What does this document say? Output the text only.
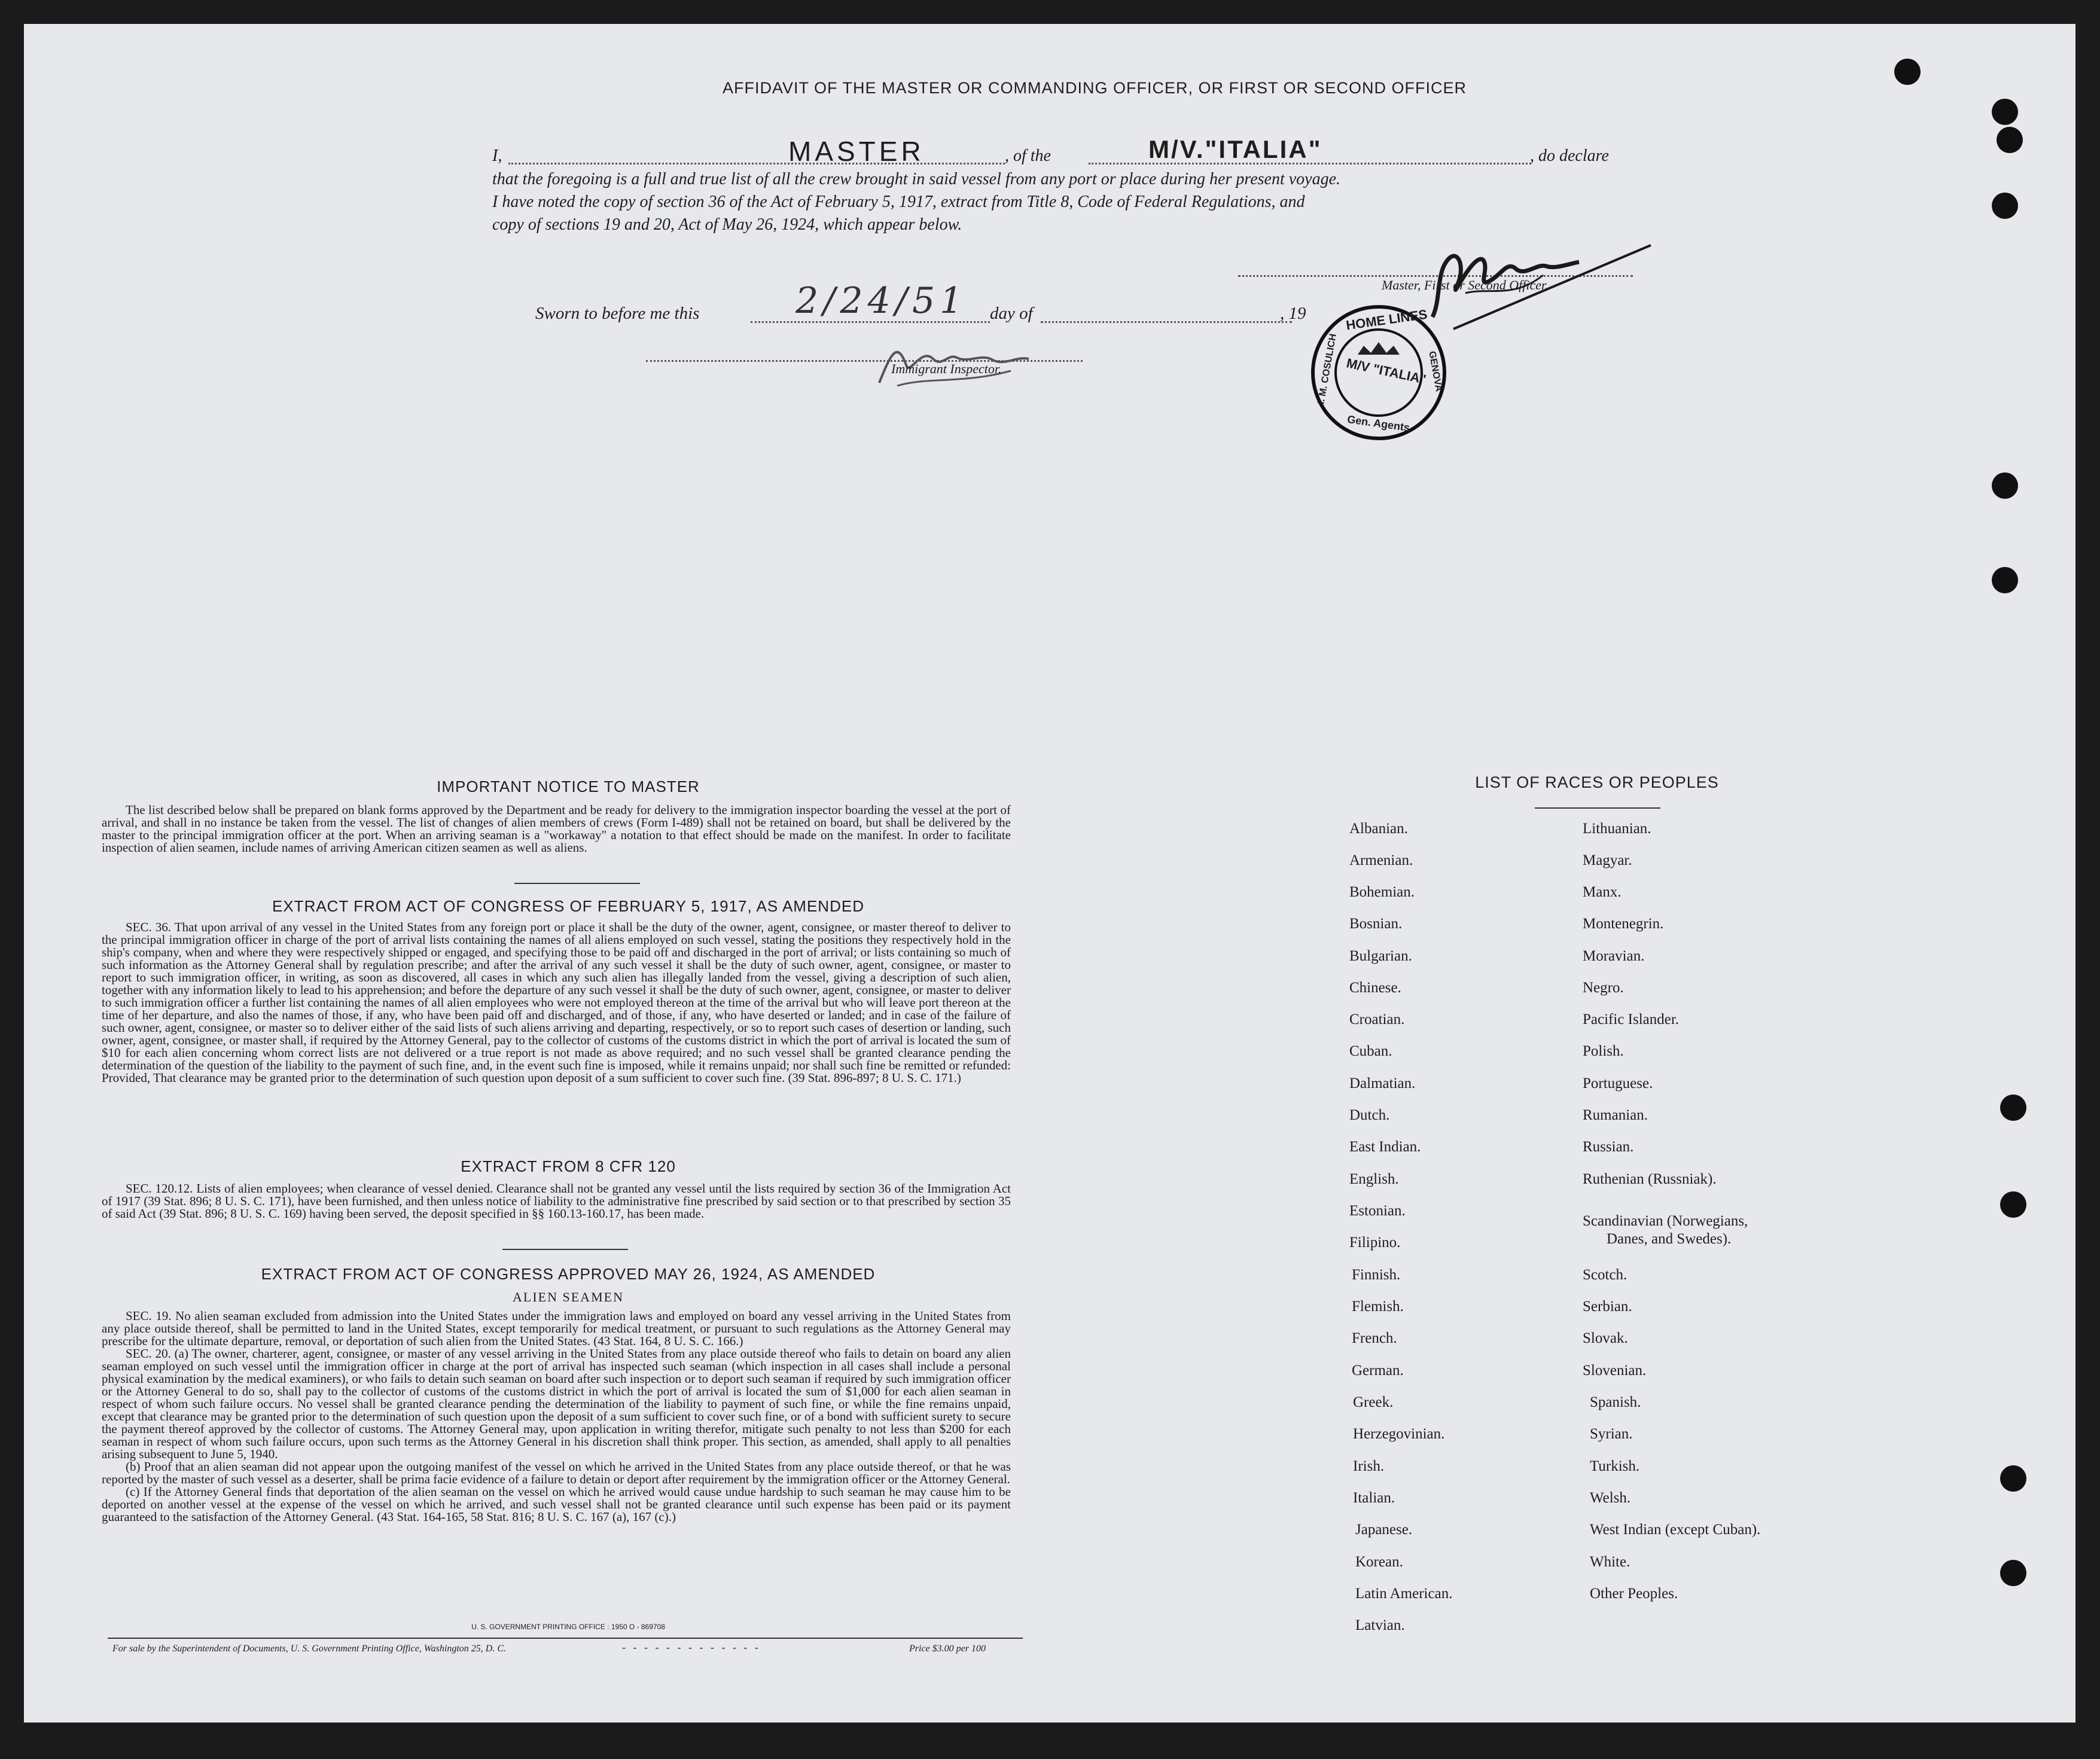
AFFIDAVIT OF THE MASTER OR COMMANDING OFFICER, OR FIRST OR SECOND OFFICER
I,	MASTER	, of the	M/V."ITALIA"	, do declare
that the foregoing is a full and true list of all the crew brought in said vessel from any port or place during her present voyage.
I have noted the copy of section 36 of the Act of February 5, 1917, extract from Title 8, Code of Federal Regulations, and
copy of sections 19 and 20, Act of May 26, 1924, which appear below.
Master, First or Second Officer.
Sworn to before me this	2/24/51 day of	, 19
Immigrant Inspector.
HOME LINES
I. M. COSULICH	GENOVA
Gen. Agents
M/V "ITALIA"
IMPORTANT NOTICE TO MASTER

The list described below shall be prepared on blank forms approved by the Department and be ready for delivery to the immigration inspector boarding the vessel at the port of arrival, and shall in no instance be taken from the vessel. The list of changes of alien members of crews (Form I-489) shall not be retained on board, but shall be delivered by the master to the principal immigration officer at the port. When an arriving seaman is a "workaway" a notation to that effect should be made on the manifest. In order to facilitate inspection of alien seamen, include names of arriving American citizen seamen as well as aliens.

EXTRACT FROM ACT OF CONGRESS OF FEBRUARY 5, 1917, AS AMENDED

SEC. 36. That upon arrival of any vessel in the United States from any foreign port or place it shall be the duty of the owner, agent, consignee, or master thereof to deliver to the principal immigration officer in charge of the port of arrival lists containing the names of all aliens employed on such vessel, stating the positions they respectively hold in the ship's company, when and where they were respectively shipped or engaged, and specifying those to be paid off and discharged in the port of arrival; or lists containing so much of such information as the Attorney General shall by regulation prescribe; and after the arrival of any such vessel it shall be the duty of such owner, agent, consignee, or master to report to such immigration officer, in writing, as soon as discovered, all cases in which any such alien has illegally landed from the vessel, giving a description of such alien, together with any information likely to lead to his apprehension; and before the departure of any such vessel it shall be the duty of such owner, agent, consignee, or master to deliver to such immigration officer a further list containing the names of all alien employees who were not employed thereon at the time of the arrival but who will leave port thereon at the time of her departure, and also the names of those, if any, who have been paid off and discharged, and of those, if any, who have deserted or landed; and in case of the failure of such owner, agent, consignee, or master so to deliver either of the said lists of such aliens arriving and departing, respectively, or so to report such cases of desertion or landing, such owner, agent, consignee, or master shall, if required by the Attorney General, pay to the collector of customs of the customs district in which the port of arrival is located the sum of $10 for each alien concerning whom correct lists are not delivered or a true report is not made as above required; and no such vessel shall be granted clearance pending the determination of the question of the liability to the payment of such fine, and, in the event such fine is imposed, while it remains unpaid; nor shall such fine be remitted or refunded: Provided, That clearance may be granted prior to the determination of such question upon deposit of a sum sufficient to cover such fine. (39 Stat. 896-897; 8 U. S. C. 171.)

EXTRACT FROM 8 CFR 120

SEC. 120.12. Lists of alien employees; when clearance of vessel denied. Clearance shall not be granted any vessel until the lists required by section 36 of the Immigration Act of 1917 (39 Stat. 896; 8 U. S. C. 171), have been furnished, and then unless notice of liability to the administrative fine prescribed by said section or to that prescribed by section 35 of said Act (39 Stat. 896; 8 U. S. C. 169) having been served, the deposit specified in §§ 160.13-160.17, has been made.

EXTRACT FROM ACT OF CONGRESS APPROVED MAY 26, 1924, AS AMENDED
ALIEN SEAMEN

SEC. 19. No alien seaman excluded from admission into the United States under the immigration laws and employed on board any vessel arriving in the United States from any place outside thereof, shall be permitted to land in the United States, except temporarily for medical treatment, or pursuant to such regulations as the Attorney General may prescribe for the ultimate departure, removal, or deportation of such alien from the United States. (43 Stat. 164, 8 U. S. C. 166.)

SEC. 20. (a) The owner, charterer, agent, consignee, or master of any vessel arriving in the United States from any place outside thereof who fails to detain on board any alien seaman employed on such vessel until the immigration officer in charge at the port of arrival has inspected such seaman (which inspection in all cases shall include a personal physical examination by the medical examiners), or who fails to detain such seaman on board after such inspection or to deport such seaman if required by such immigration officer or the Attorney General to do so, shall pay to the collector of customs of the customs district in which the port of arrival is located the sum of $1,000 for each alien seaman in respect of whom such failure occurs. No vessel shall be granted clearance pending the determination of the liability to payment of such fine, or while the fine remains unpaid, except that clearance may be granted prior to the determination of such question upon the deposit of a sum sufficient to cover such fine, or of a bond with sufficient surety to secure the payment thereof approved by the collector of customs. The Attorney General may, upon application in writing therefor, mitigate such penalty to not less than $200 for each seaman in respect of whom such failure occurs, upon such terms as the Attorney General in his discretion shall think proper. This section, as amended, shall apply to all penalties arising subsequent to June 5, 1940.

(b) Proof that an alien seaman did not appear upon the outgoing manifest of the vessel on which he arrived in the United States from any place outside thereof, or that he was reported by the master of such vessel as a deserter, shall be prima facie evidence of a failure to detain or deport after requirement by the immigration officer or the Attorney General.

(c) If the Attorney General finds that deportation of the alien seaman on the vessel on which he arrived would cause undue hardship to such seaman he may cause him to be deported on another vessel at the expense of the vessel on which he arrived, and such vessel shall not be granted clearance until such expense has been paid or its payment guaranteed to the satisfaction of the Attorney General. (43 Stat. 164-165, 58 Stat. 816; 8 U. S. C. 167 (a), 167 (c).)

U. S. GOVERNMENT PRINTING OFFICE : 1950 O - 869708
For sale by the Superintendent of Documents, U. S. Government Printing Office, Washington 25, D. C.	- - - - - - - - - - - - -	Price $3.00 per 100
LIST OF RACES OR PEOPLES
Albanian.
Armenian.
Bohemian.
Bosnian.
Bulgarian.
Chinese.
Croatian.
Cuban.
Dalmatian.
Dutch.
East Indian.
English.
Estonian.
Filipino.
Finnish.
Flemish.
French.
German.
Greek.
Herzegovinian.
Irish.
Italian.
Japanese.
Korean.
Latin American.
Latvian.
Lithuanian.
Magyar.
Manx.
Montenegrin.
Moravian.
Negro.
Pacific Islander.
Polish.
Portuguese.
Rumanian.
Russian.
Ruthenian (Russniak).
Scandinavian (Norwegians,
Danes, and Swedes).
Scotch.
Serbian.
Slovak.
Slovenian.
Spanish.
Syrian.
Turkish.
Welsh.
West Indian (except Cuban).
White.
Other Peoples.
